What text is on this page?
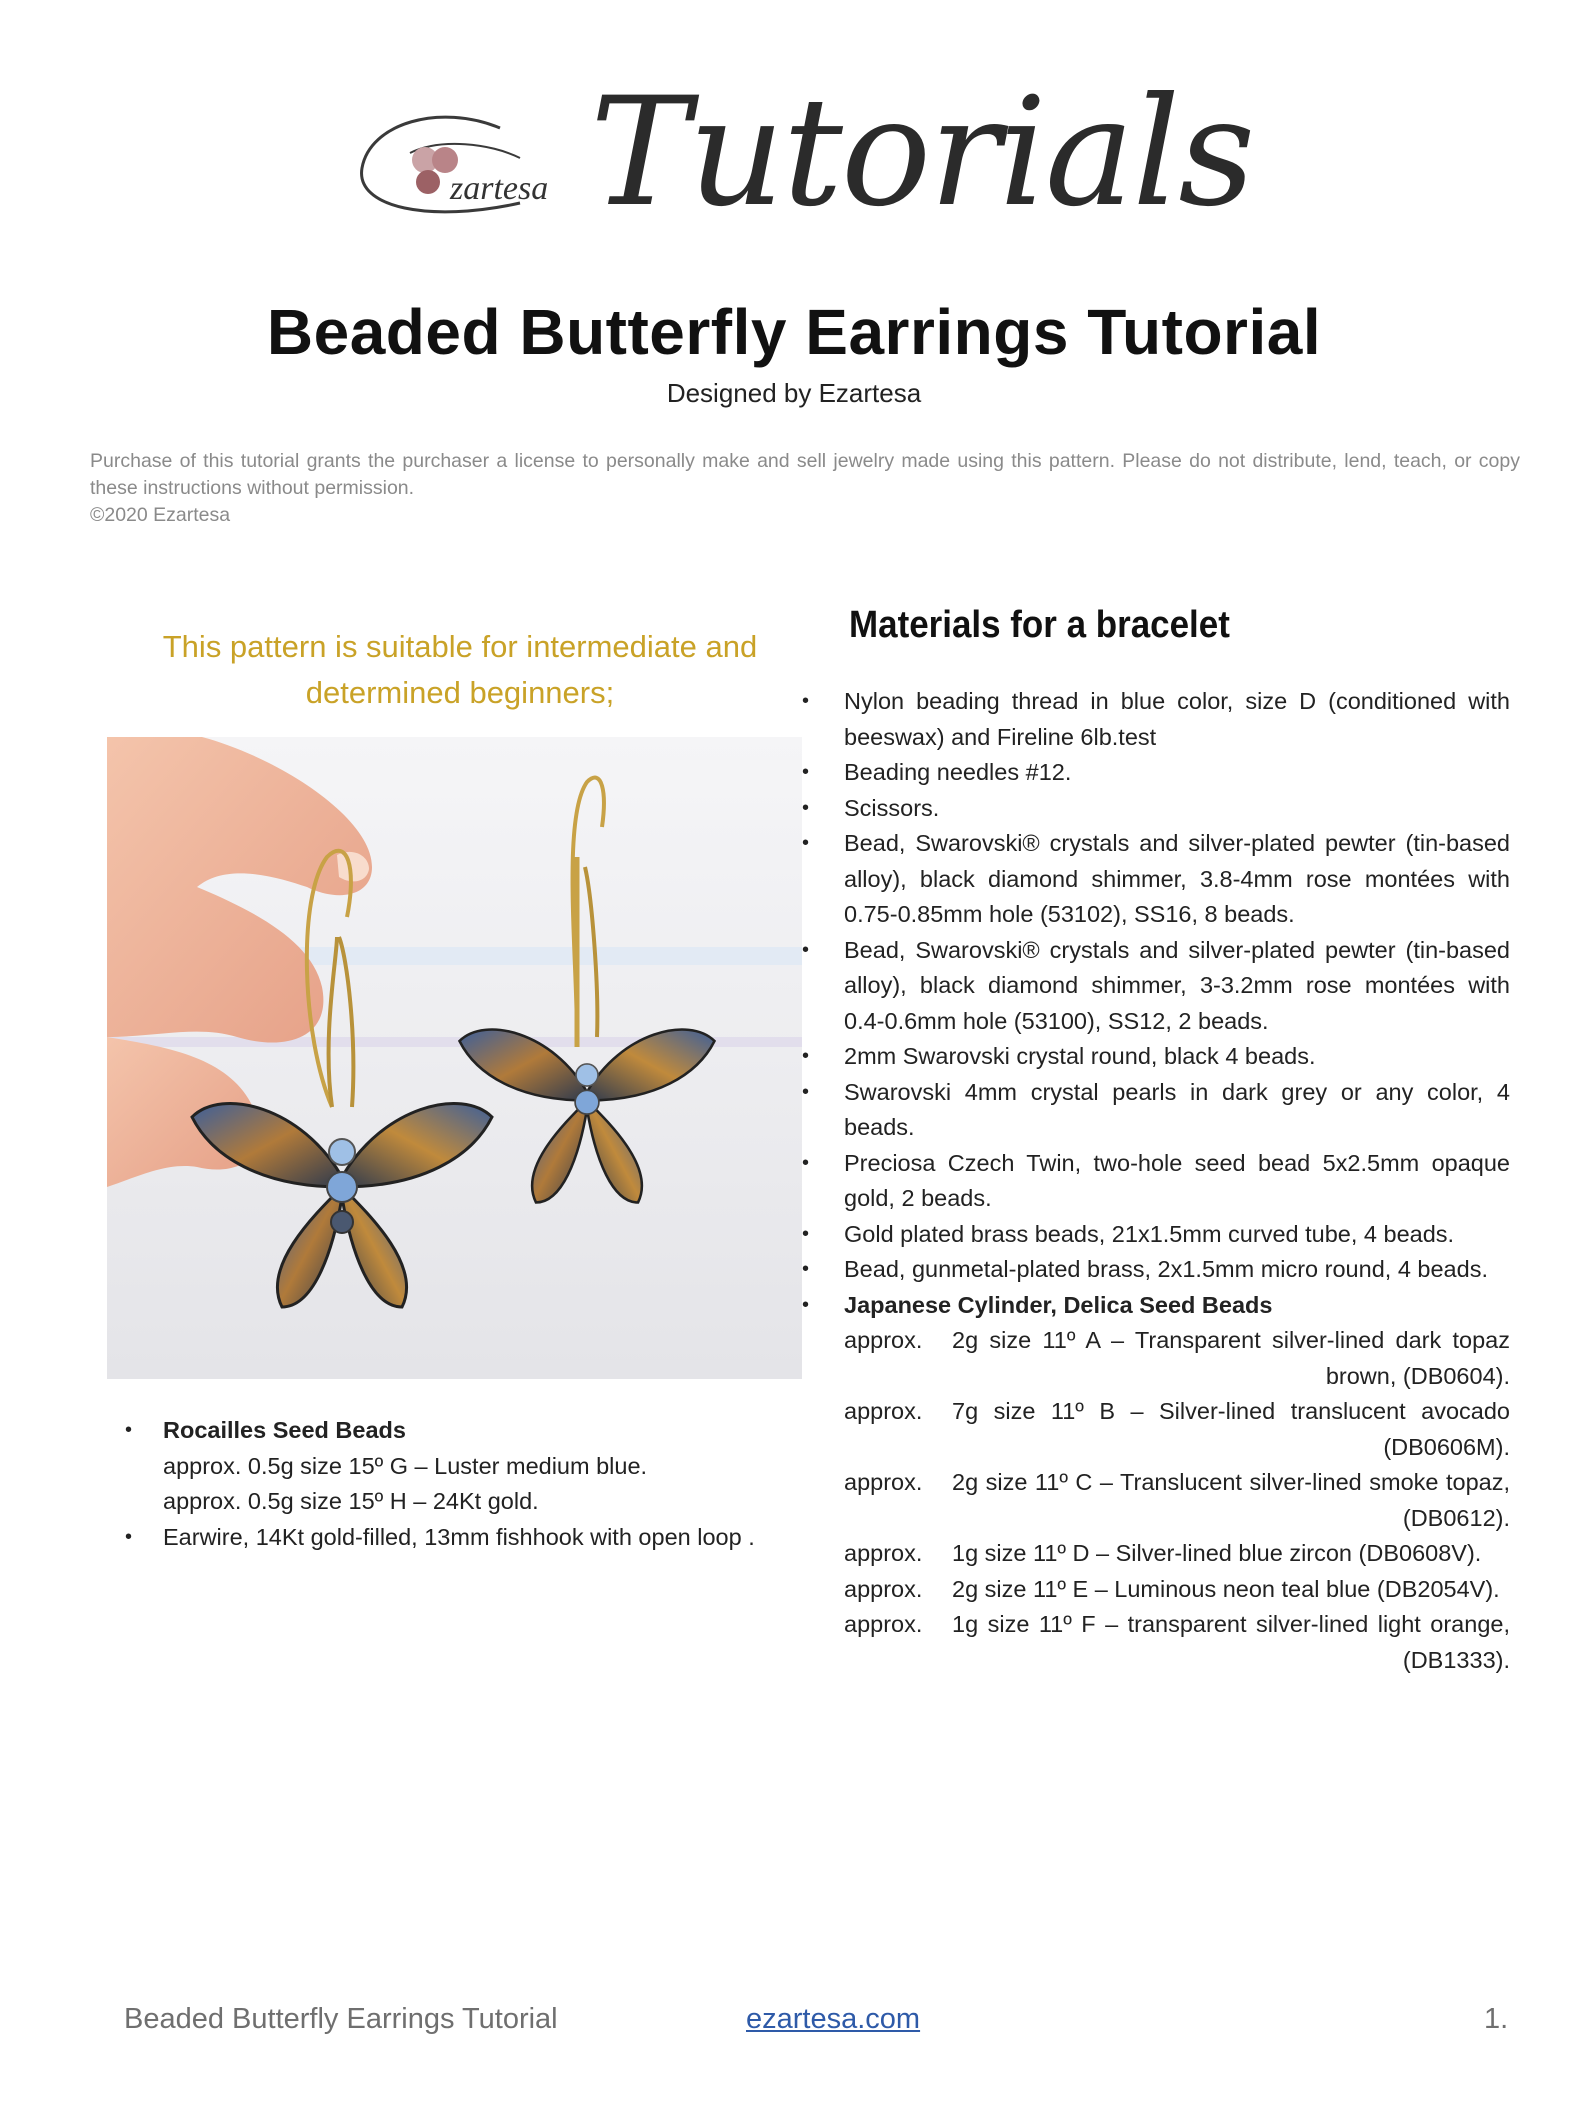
zartesa Tutorials
Beaded Butterfly Earrings Tutorial
Designed by Ezartesa

Purchase of this tutorial grants the purchaser a license to personally make and sell jewelry made using this pattern. Please do not distribute, lend, teach, or copy these instructions without permission.

©2020 Ezartesa

This pattern is suitable for intermediate and determined beginners;
• Rocailles Seed Beads
approx. 0.5g size 15º G – Luster medium blue.
approx. 0.5g size 15º H – 24Kt gold.
• Earwire, 14Kt gold-filled, 13mm fishhook with open loop .
Materials for a bracelet
• Nylon beading thread in blue color, size D (conditioned with beeswax) and Fireline 6lb.test
• Beading needles #12.
• Scissors.
• Bead, Swarovski® crystals and silver-plated pewter (tin-based alloy), black diamond shimmer, 3.8-4mm rose montées with 0.75-0.85mm hole (53102), SS16, 8 beads.
• Bead, Swarovski® crystals and silver-plated pewter (tin-based alloy), black diamond shimmer, 3-3.2mm rose montées with 0.4-0.6mm hole (53100), SS12, 2 beads.
• 2mm Swarovski crystal round, black 4 beads.
• Swarovski 4mm crystal pearls in dark grey or any color, 4 beads.
• Preciosa Czech Twin, two-hole seed bead 5x2.5mm opaque gold, 2 beads.
• Gold plated brass beads, 21x1.5mm curved tube, 4 beads.
• Bead, gunmetal-plated brass, 2x1.5mm micro round, 4 beads.
• Japanese Cylinder, Delica Seed Beads
approx.	2g size 11º A – Transparent silver-lined dark topaz brown, (DB0604).
approx.	7g size 11º B – Silver-lined translucent avocado (DB0606M).
approx.	2g size 11º C – Translucent silver-lined smoke topaz, (DB0612).
approx.	1g size 11º D – Silver-lined blue zircon (DB0608V).
approx.	2g size 11º E – Luminous neon teal blue (DB2054V).
approx.	1g size 11º F – transparent silver-lined light orange, (DB1333).
Beaded Butterfly Earrings Tutorial	ezartesa.com	1.
